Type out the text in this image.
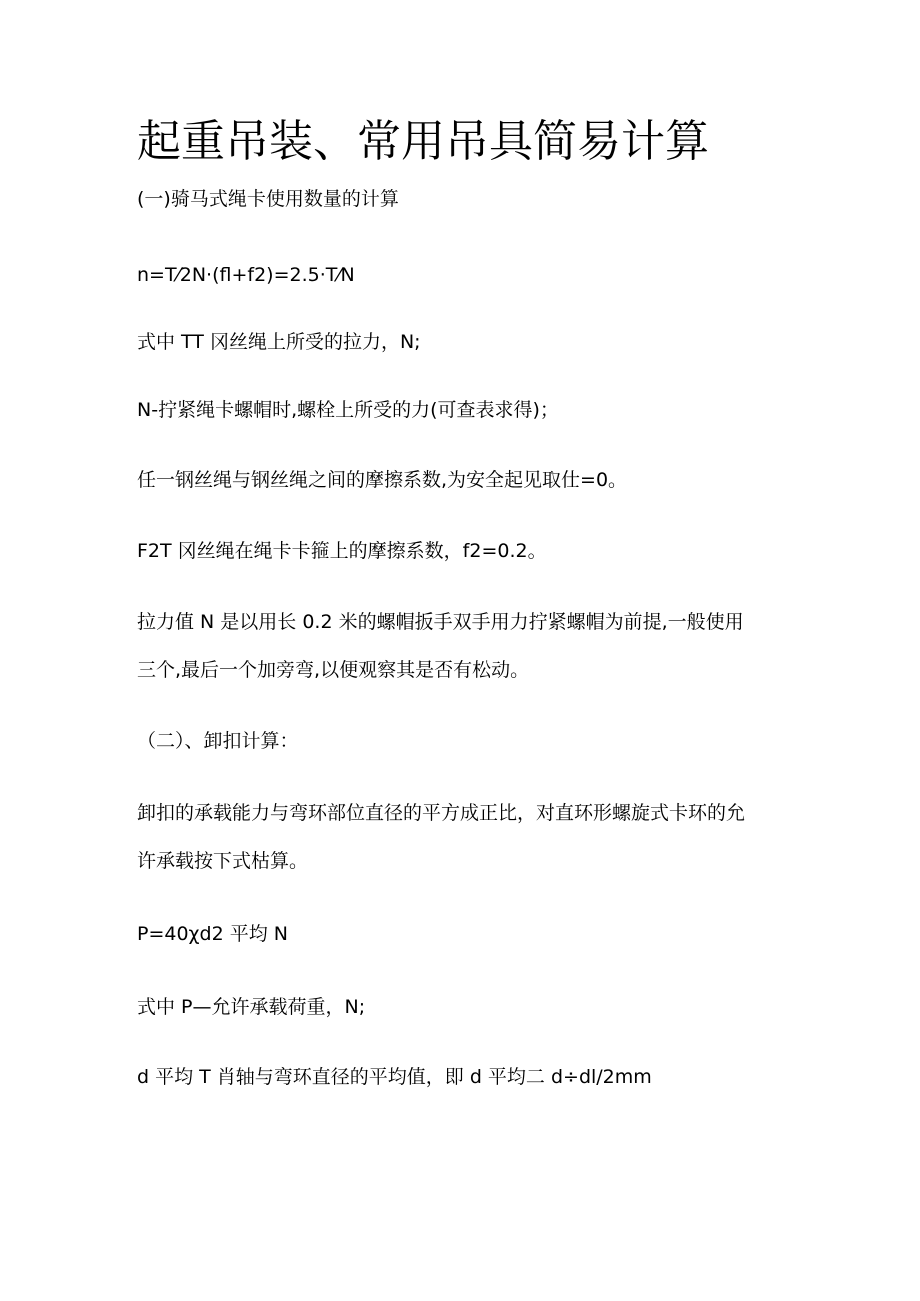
起重吊装、常用吊具简易计算
(一)骑马式绳卡使用数量的计算
n=T⁄2N·(fl+f2)=2.5·T⁄N
式中 TT 冈丝绳上所受的拉力，N;
N-拧紧绳卡螺帽时,螺栓上所受的力(可查表求得)；
任一钢丝绳与钢丝绳之间的摩擦系数,为安全起见取仕=0。
F2T 冈丝绳在绳卡卡箍上的摩擦系数，f2=0.2。
拉力值 N 是以用长 0.2 米的螺帽扳手双手用力拧紧螺帽为前提,一般使用
三个,最后一个加旁弯,以便观察其是否有松动。
（二）、卸扣计算：
卸扣的承载能力与弯环部位直径的平方成正比，对直环形螺旋式卡环的允
许承载按下式枯算。
P=40χd2 平均 N
式中 P—允许承载荷重，N;
d 平均 T 肖轴与弯环直径的平均值，即 d 平均二 d÷dl/2mm
